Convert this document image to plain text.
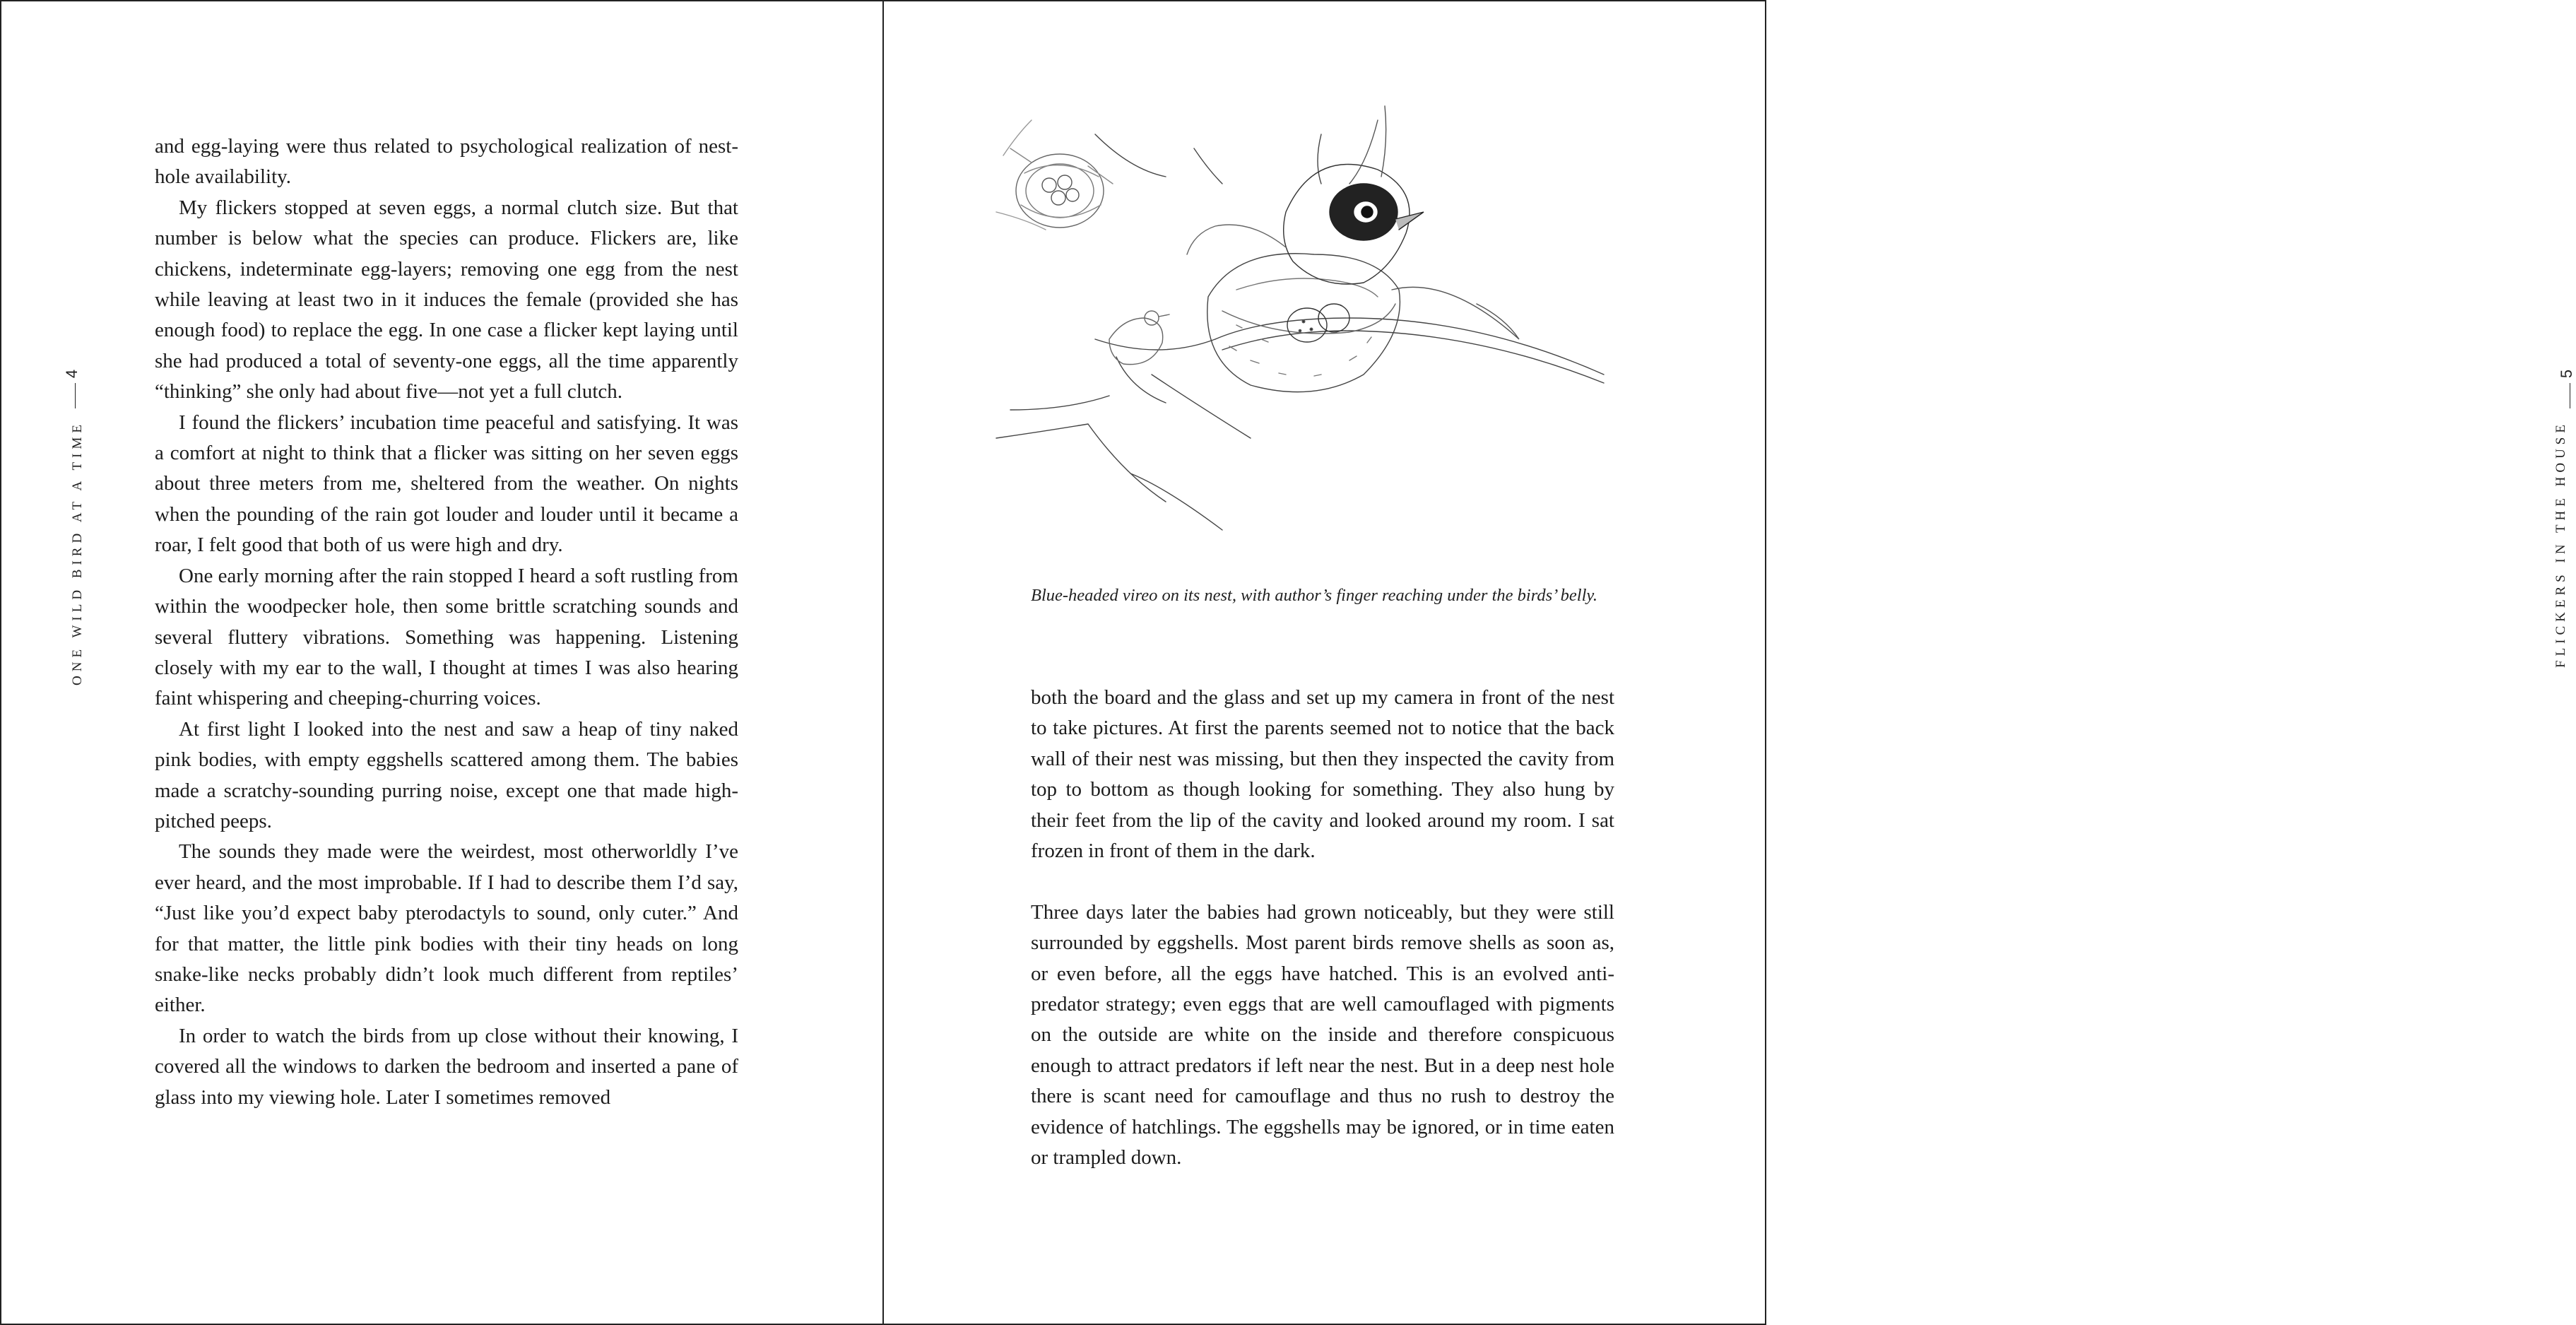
4
ONE WILD BIRD AT A TIME

and egg-laying were thus related to psychological realization of nest-hole availability.

My flickers stopped at seven eggs, a normal clutch size. But that number is below what the species can produce. Flickers are, like chickens, indeterminate egg-layers; removing one egg from the nest while leaving at least two in it induces the female (provided she has enough food) to replace the egg. In one case a flicker kept laying until she had produced a total of seventy-one eggs, all the time apparently “thinking” she only had about five—not yet a full clutch.

I found the flickers’ incubation time peaceful and satisfying. It was a comfort at night to think that a flicker was sitting on her seven eggs about three meters from me, sheltered from the weather. On nights when the pounding of the rain got louder and louder until it became a roar, I felt good that both of us were high and dry.

One early morning after the rain stopped I heard a soft rustling from within the woodpecker hole, then some brittle scratching sounds and several fluttery vibrations. Something was happening. Listening closely with my ear to the wall, I thought at times I was also hearing faint whispering and cheeping-churring voices.

At first light I looked into the nest and saw a heap of tiny naked pink bodies, with empty eggshells scattered among them. The babies made a scratchy-sounding purring noise, except one that made high-pitched peeps.

The sounds they made were the weirdest, most otherworldly I’ve ever heard, and the most improbable. If I had to describe them I’d say, “Just like you’d expect baby pterodactyls to sound, only cuter.” And for that matter, the little pink bodies with their tiny heads on long snake-like necks probably didn’t look much different from reptiles’ either.

In order to watch the birds from up close without their knowing, I covered all the windows to darken the bedroom and inserted a pane of glass into my viewing hole. Later I sometimes removed

5
FLICKERS IN THE HOUSE

both the board and the glass and set up my camera in front of the nest to take pictures. At first the parents seemed not to notice that the back wall of their nest was missing, but then they inspected the cavity from top to bottom as though looking for something. They also hung by their feet from the lip of the cavity and looked around my room. I sat frozen in front of them in the dark.

Three days later the babies had grown noticeably, but they were still surrounded by eggshells. Most parent birds remove shells as soon as, or even before, all the eggs have hatched. This is an evolved anti-predator strategy; even eggs that are well camouflaged with pigments on the outside are white on the inside and therefore conspicuous enough to attract predators if left near the nest. But in a deep nest hole there is scant need for camouflage and thus no rush to destroy the evidence of hatchlings. The eggshells may be ignored, or in time eaten or trampled down.

Blue-headed vireo on its nest, with author’s finger reaching under the birds’ belly.
